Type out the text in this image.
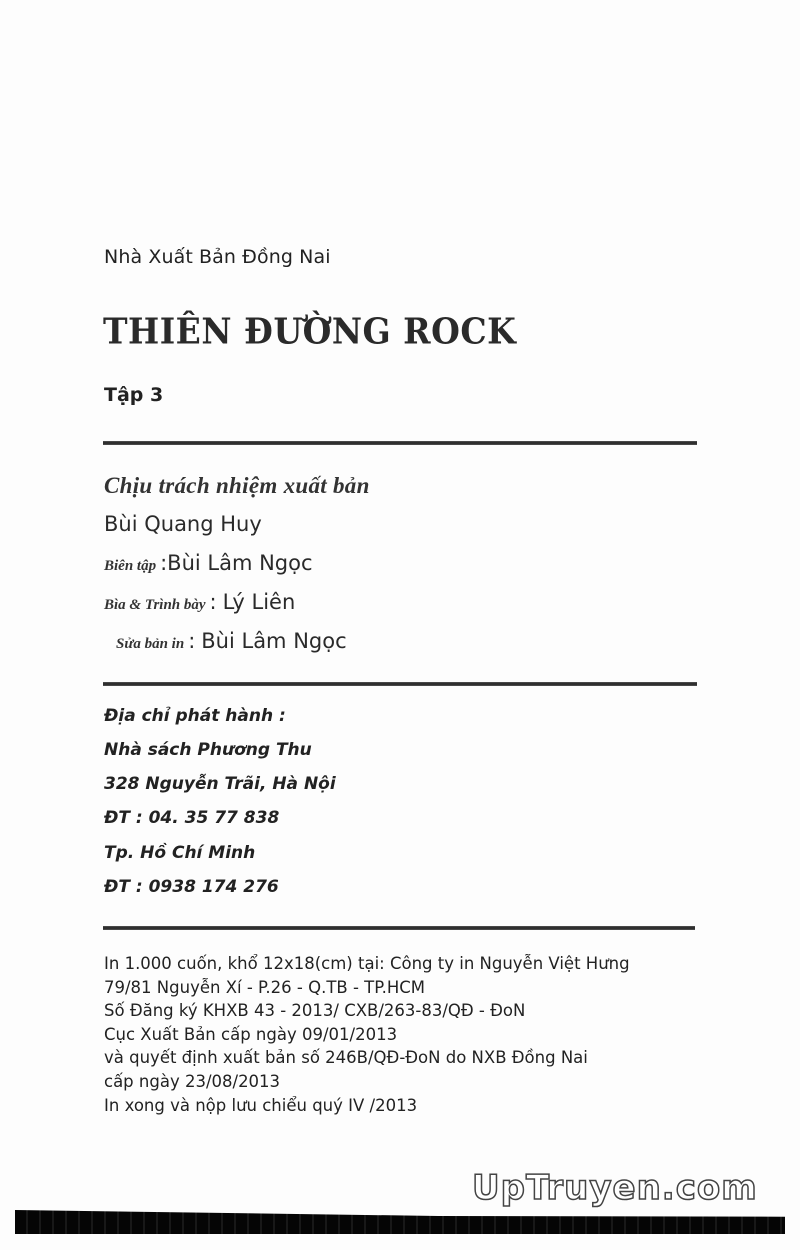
Nhà Xuất Bản Đồng Nai
THIÊN ĐƯỜNG ROCK
Tập 3
Chịu trách nhiệm xuất bản
Bùi Quang Huy
Biên tập : Bùi Lâm Ngọc
Bìa & Trình bày : Lý Liên
Sửa bản in : Bùi Lâm Ngọc
Địa chỉ phát hành :
Nhà sách Phương Thu
328 Nguyễn Trãi, Hà Nội
ĐT : 04. 35 77 838
Tp. Hồ Chí Minh
ĐT : 0938 174 276
In 1.000 cuốn, khổ 12x18(cm) tại: Công ty in Nguyễn Việt Hưng
79/81 Nguyễn Xí - P.26 - Q.TB - TP.HCM
Số Đăng ký KHXB 43 - 2013/ CXB/263-83/QĐ - ĐoN
Cục Xuất Bản cấp ngày 09/01/2013
và quyết định xuất bản số 246B/QĐ-ĐoN do NXB Đồng Nai
cấp ngày 23/08/2013
In xong và nộp lưu chiểu quý IV /2013
UpTruyen.com
